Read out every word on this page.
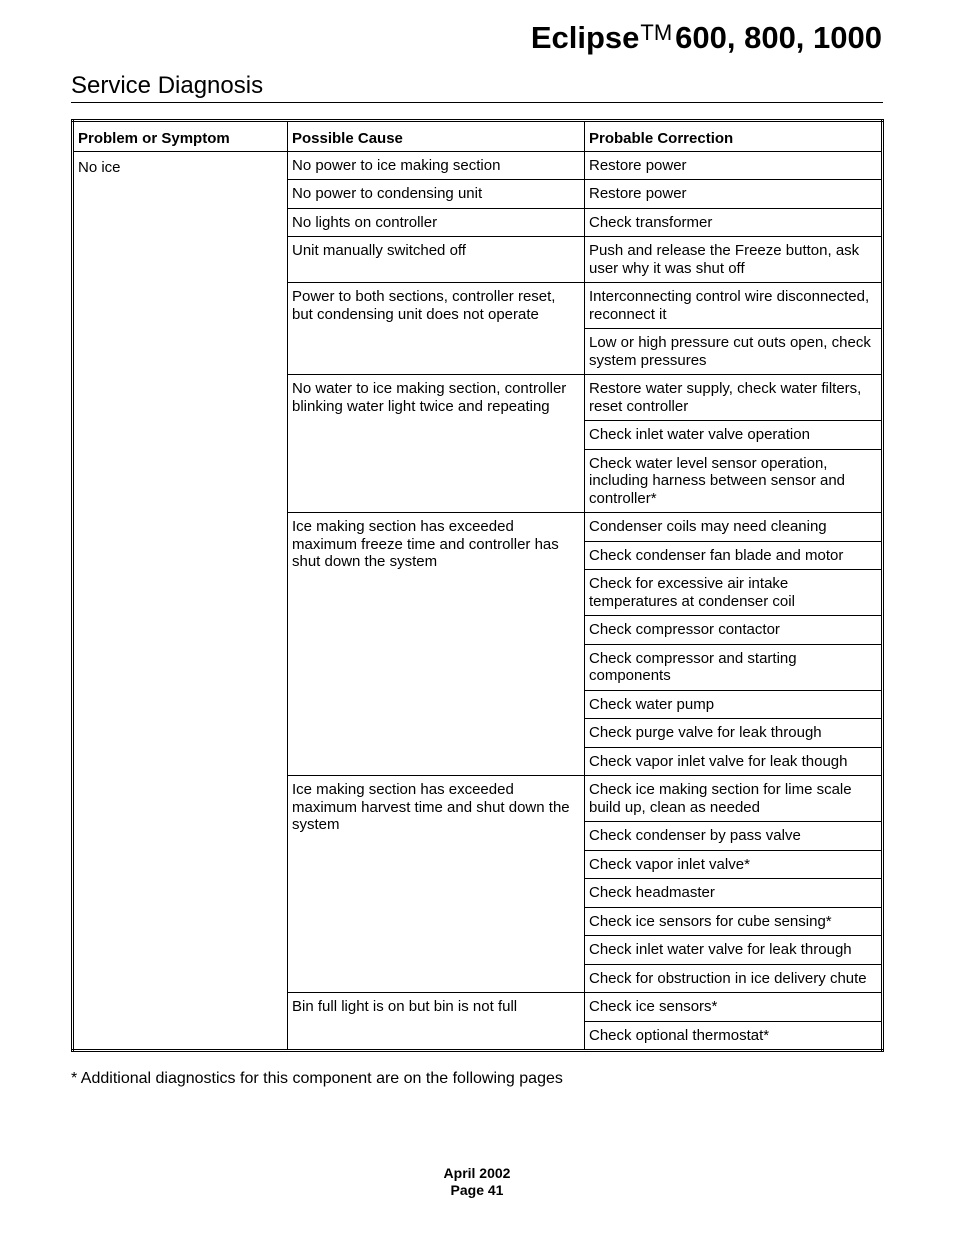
Eclipse™600, 800, 1000
Service Diagnosis
Problem or Symptom	Possible Cause	Probable Correction
No ice	No power to ice making section	Restore power
	No power to condensing unit	Restore power
	No lights on controller	Check transformer
	Unit manually switched off	Push and release the Freeze button, ask user why it was shut off
	Power to both sections, controller reset, but condensing unit does not operate	Interconnecting control wire disconnected, reconnect it
		Low or high pressure cut outs open, check system pressures
	No water to ice making section, controller blinking water light twice and repeating	Restore water supply, check water filters, reset controller
		Check inlet water valve operation
		Check water level sensor operation, including harness between sensor and controller*
	Ice making section has exceeded maximum freeze time and controller has shut down the system	Condenser coils may need cleaning
		Check condenser fan blade and motor
		Check for excessive air intake temperatures at condenser coil
		Check compressor contactor
		Check compressor and starting components
		Check water pump
		Check purge valve for leak through
		Check vapor inlet valve for leak though
	Ice making section has exceeded maximum harvest time and shut down the system	Check ice making section for lime scale build up, clean as needed
		Check condenser by pass valve
		Check vapor inlet valve*
		Check headmaster
		Check ice sensors for cube sensing*
		Check inlet water valve for leak through
		Check for obstruction in ice delivery chute
	Bin full light is on but bin is not full	Check ice sensors*
		Check optional thermostat*
* Additional diagnostics for this component are on the following pages
April 2002
Page 41
